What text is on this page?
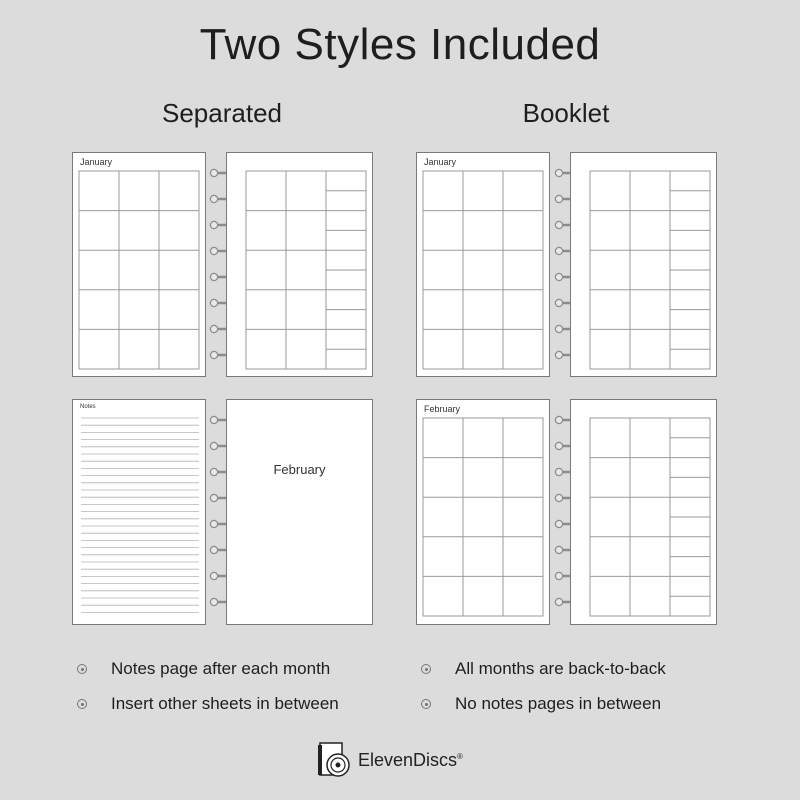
Two Styles Included
Separated	Booklet
January
Notes
February
January
February
Notes page after each month
Insert other sheets in between
All months are back-to-back
No notes pages in between
ElevenDiscs®
